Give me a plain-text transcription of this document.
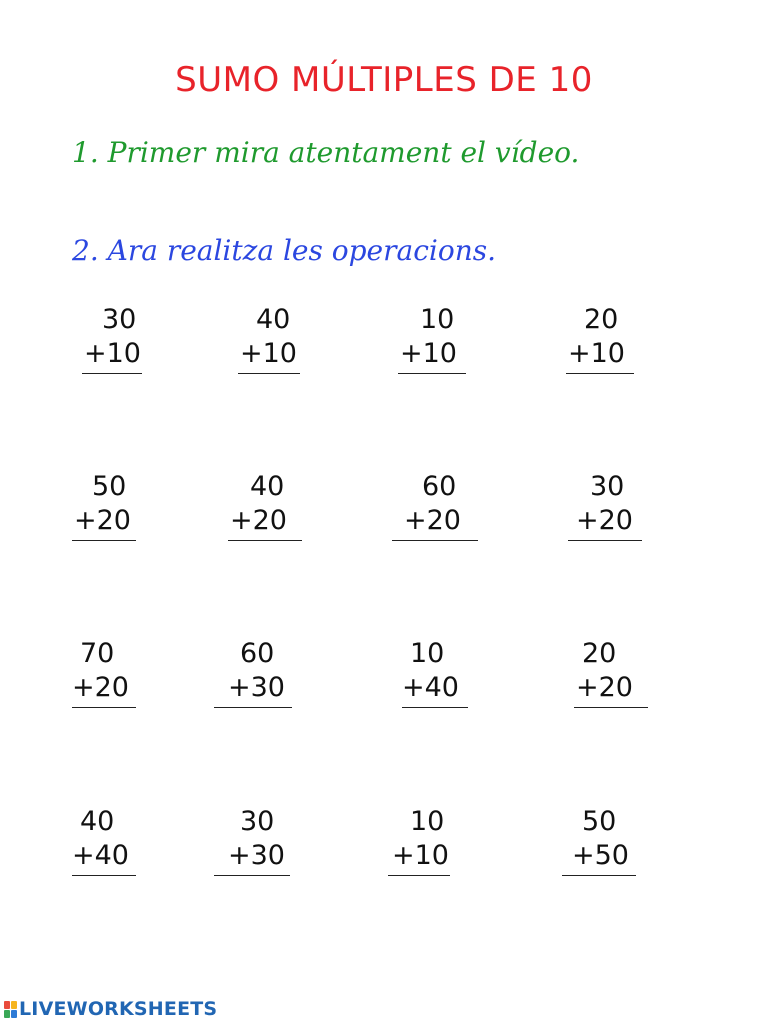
SUMO MÚLTIPLES DE 10
1. Primer mira atentament el vídeo.
2. Ara realitza les operacions.
30
+10
40
+10
10
+10
20
+10
50
+20
40
+20
60
+20
30
+20
70
+20
60
+30
10
+40
20
+20
40
+40
30
+30
10
+10
50
+50
LIVEWORKSHEETS
